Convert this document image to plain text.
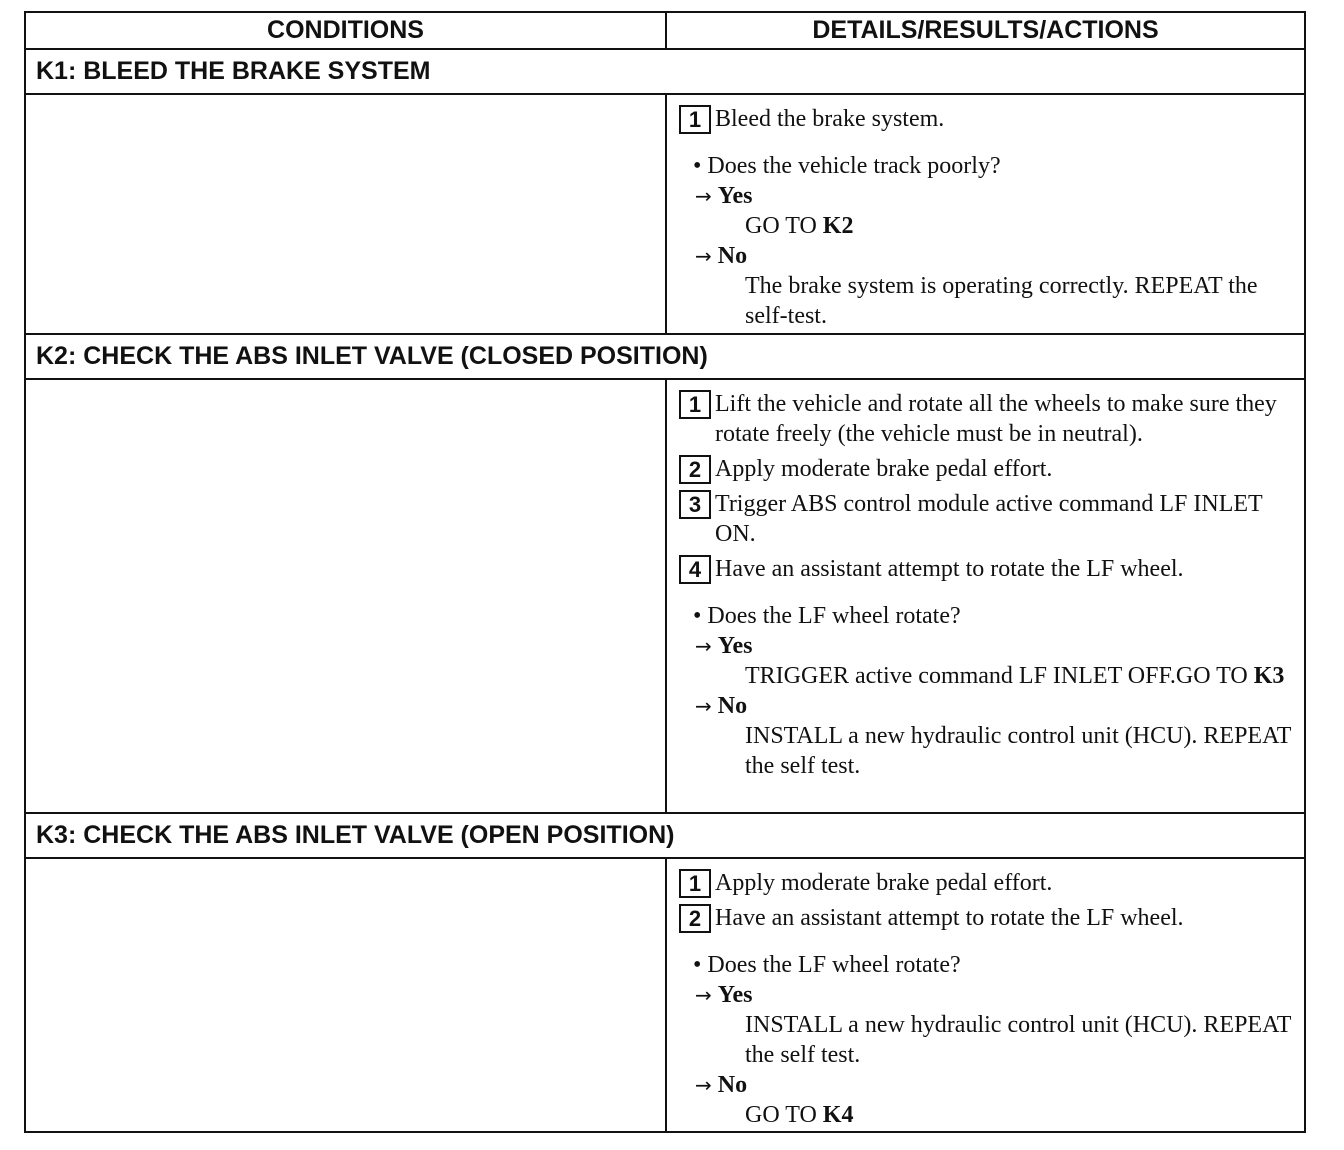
CONDITIONS	DETAILS/RESULTS/ACTIONS
K1: BLEED THE BRAKE SYSTEM
1 Bleed the brake system.
• Does the vehicle track poorly?
→ Yes
GO TO K2
→ No
The brake system is operating correctly. REPEAT the self-test.
K2: CHECK THE ABS INLET VALVE (CLOSED POSITION)
1 Lift the vehicle and rotate all the wheels to make sure they rotate freely (the vehicle must be in neutral).
2 Apply moderate brake pedal effort.
3 Trigger ABS control module active command LF INLET ON.
4 Have an assistant attempt to rotate the LF wheel.
• Does the LF wheel rotate?
→ Yes
TRIGGER active command LF INLET OFF.GO TO K3
→ No
INSTALL a new hydraulic control unit (HCU). REPEAT the self test.
K3: CHECK THE ABS INLET VALVE (OPEN POSITION)
1 Apply moderate brake pedal effort.
2 Have an assistant attempt to rotate the LF wheel.
• Does the LF wheel rotate?
→ Yes
INSTALL a new hydraulic control unit (HCU). REPEAT the self test.
→ No
GO TO K4
